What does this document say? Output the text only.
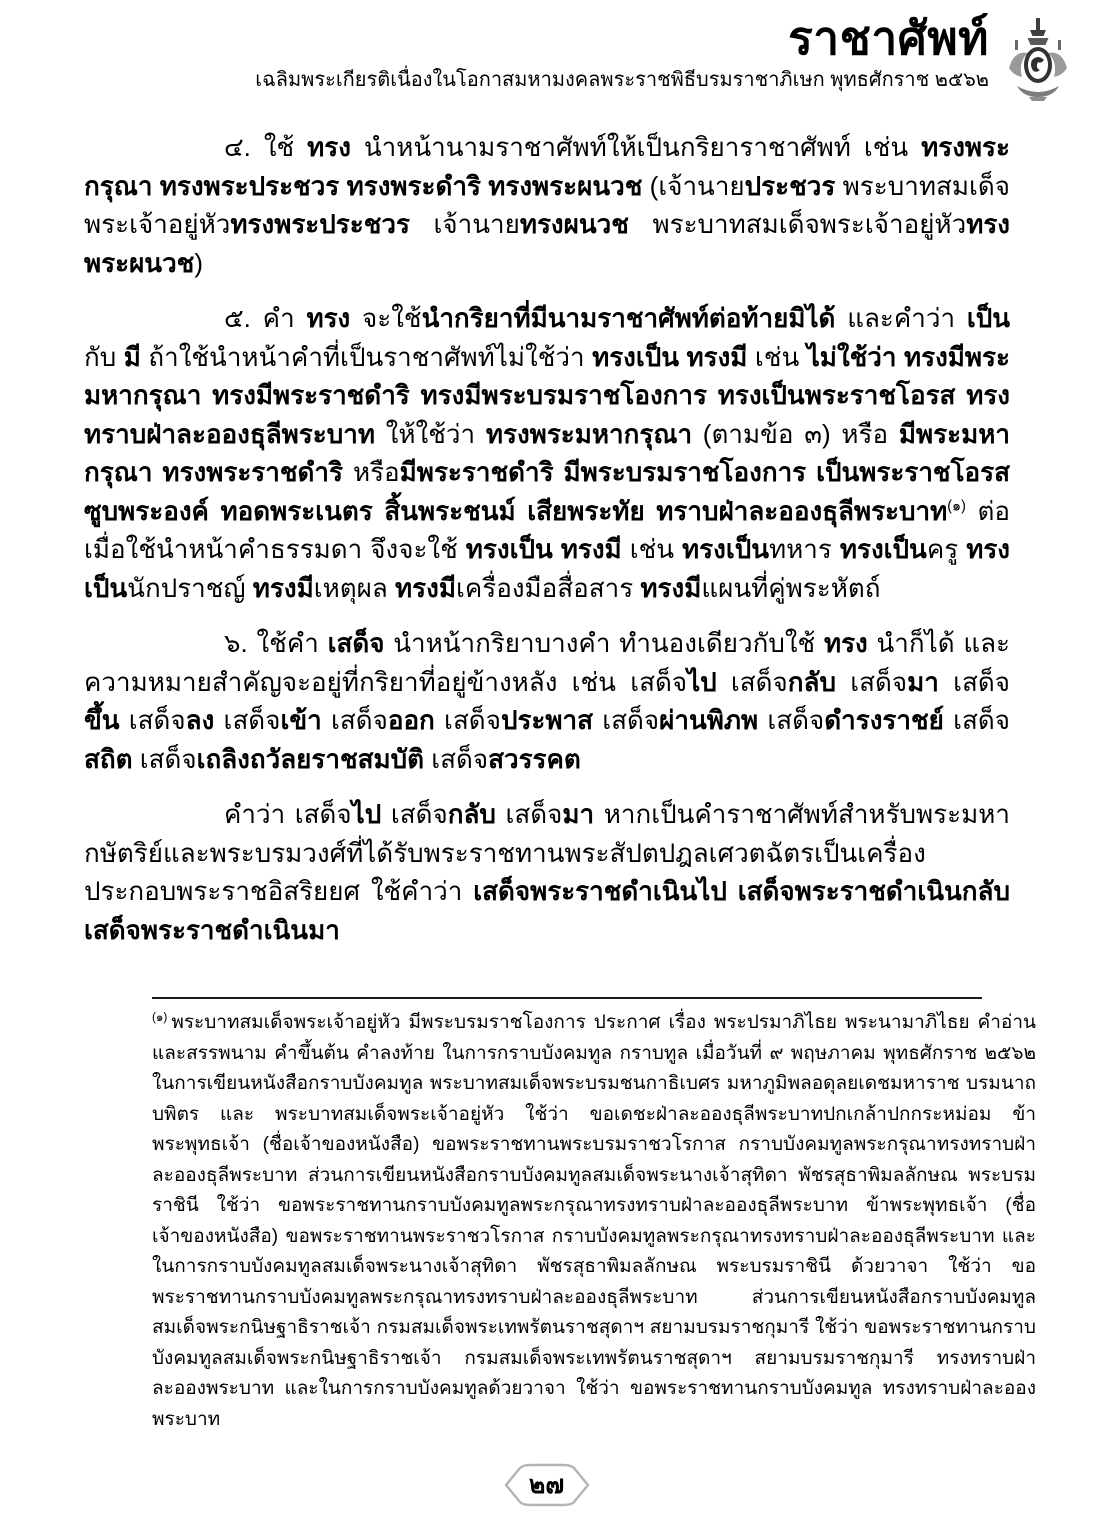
ราชาศัพท์
เฉลิมพระเกียรติเนื่องในโอกาสมหามงคลพระราชพิธีบรมราชาภิเษก พุทธศักราช ๒๕๖๒

๔. ใช้ ทรง นำหน้านามราชาศัพท์ให้เป็นกริยาราชาศัพท์ เช่น ทรงพระกรุณา ทรงพระประชวร ทรงพระดำริ ทรงพระผนวช (เจ้านายประชวร พระบาทสมเด็จพระเจ้าอยู่หัวทรงพระประชวร เจ้านายทรงผนวช พระบาทสมเด็จพระเจ้าอยู่หัวทรงพระผนวช)

๕. คำ ทรง จะใช้นำกริยาที่มีนามราชาศัพท์ต่อท้ายมิได้ และคำว่า เป็น กับ มี ถ้าใช้นำหน้าคำที่เป็นราชาศัพท์ไม่ใช้ว่า ทรงเป็น ทรงมี เช่น ไม่ใช้ว่า ทรงมีพระมหากรุณา ทรงมีพระราชดำริ ทรงมีพระบรมราชโองการ ทรงเป็นพระราชโอรส ทรงทราบฝ่าละอองธุลีพระบาท ให้ใช้ว่า ทรงพระมหากรุณา (ตามข้อ ๓) หรือ มีพระมหากรุณา ทรงพระราชดำริ หรือมีพระราชดำริ มีพระบรมราชโองการ เป็นพระราชโอรส ซูบพระองค์ ทอดพระเนตร สิ้นพระชนม์ เสียพระทัย ทราบฝ่าละอองธุลีพระบาท$^{(๑)}$ ต่อเมื่อใช้นำหน้าคำธรรมดา จึงจะใช้ ทรงเป็น ทรงมี เช่น ทรงเป็นทหาร ทรงเป็นครู ทรงเป็นนักปราชญ์ ทรงมีเหตุผล ทรงมีเครื่องมือสื่อสาร ทรงมีแผนที่คู่พระหัตถ์

๖. ใช้คำ เสด็จ นำหน้ากริยาบางคำ ทำนองเดียวกับใช้ ทรง นำก็ได้ และความหมายสำคัญจะอยู่ที่กริยาที่อยู่ข้างหลัง เช่น เสด็จไป เสด็จกลับ เสด็จมา เสด็จขึ้น เสด็จลง เสด็จเข้า เสด็จออก เสด็จประพาส เสด็จผ่านพิภพ เสด็จดำรงราชย์ เสด็จสถิต เสด็จเถลิงถวัลยราชสมบัติ เสด็จสวรรคต

คำว่า เสด็จไป เสด็จกลับ เสด็จมา หากเป็นคำราชาศัพท์สำหรับพระมหากษัตริย์และพระบรมวงศ์ที่ได้รับพระราชทานพระสัปตปฎลเศวตฉัตรเป็นเครื่องประกอบพระราชอิสริยยศ ใช้คำว่า เสด็จพระราชดำเนินไป เสด็จพระราชดำเนินกลับ เสด็จพระราชดำเนินมา

$^{(๑)}$ พระบาทสมเด็จพระเจ้าอยู่หัว มีพระบรมราชโองการ ประกาศ เรื่อง พระปรมาภิไธย พระนามาภิไธย คำอ่าน และสรรพนาม คำขึ้นต้น คำลงท้าย ในการกราบบังคมทูล กราบทูล เมื่อวันที่ ๙ พฤษภาคม พุทธศักราช ๒๕๖๒ ในการเขียนหนังสือกราบบังคมทูล พระบาทสมเด็จพระบรมชนกาธิเบศร มหาภูมิพลอดุลยเดชมหาราช บรมนาถบพิตร และ พระบาทสมเด็จพระเจ้าอยู่หัว ใช้ว่า ขอเดชะฝ่าละอองธุลีพระบาทปกเกล้าปกกระหม่อม ข้าพระพุทธเจ้า (ชื่อเจ้าของหนังสือ) ขอพระราชทานพระบรมราชวโรกาส กราบบังคมทูลพระกรุณาทรงทราบฝ่าละอองธุลีพระบาท ส่วนการเขียนหนังสือกราบบังคมทูลสมเด็จพระนางเจ้าสุทิดา พัชรสุธาพิมลลักษณ พระบรมราชินี ใช้ว่า ขอพระราชทานกราบบังคมทูลพระกรุณาทรงทราบฝ่าละอองธุลีพระบาท ข้าพระพุทธเจ้า (ชื่อเจ้าของหนังสือ) ขอพระราชทานพระราชวโรกาส กราบบังคมทูลพระกรุณาทรงทราบฝ่าละอองธุลีพระบาท และในการกราบบังคมทูลสมเด็จพระนางเจ้าสุทิดา พัชรสุธาพิมลลักษณ พระบรมราชินี ด้วยวาจา ใช้ว่า ขอพระราชทานกราบบังคมทูลพระกรุณาทรงทราบฝ่าละอองธุลีพระบาท ส่วนการเขียนหนังสือกราบบังคมทูลสมเด็จพระกนิษฐาธิราชเจ้า กรมสมเด็จพระเทพรัตนราชสุดาฯ สยามบรมราชกุมารี ใช้ว่า ขอพระราชทานกราบบังคมทูลสมเด็จพระกนิษฐาธิราชเจ้า กรมสมเด็จพระเทพรัตนราชสุดาฯ สยามบรมราชกุมารี ทรงทราบฝ่าละอองพระบาท และในการกราบบังคมทูลด้วยวาจา ใช้ว่า ขอพระราชทานกราบบังคมทูล ทรงทราบฝ่าละอองพระบาท
๒๗
